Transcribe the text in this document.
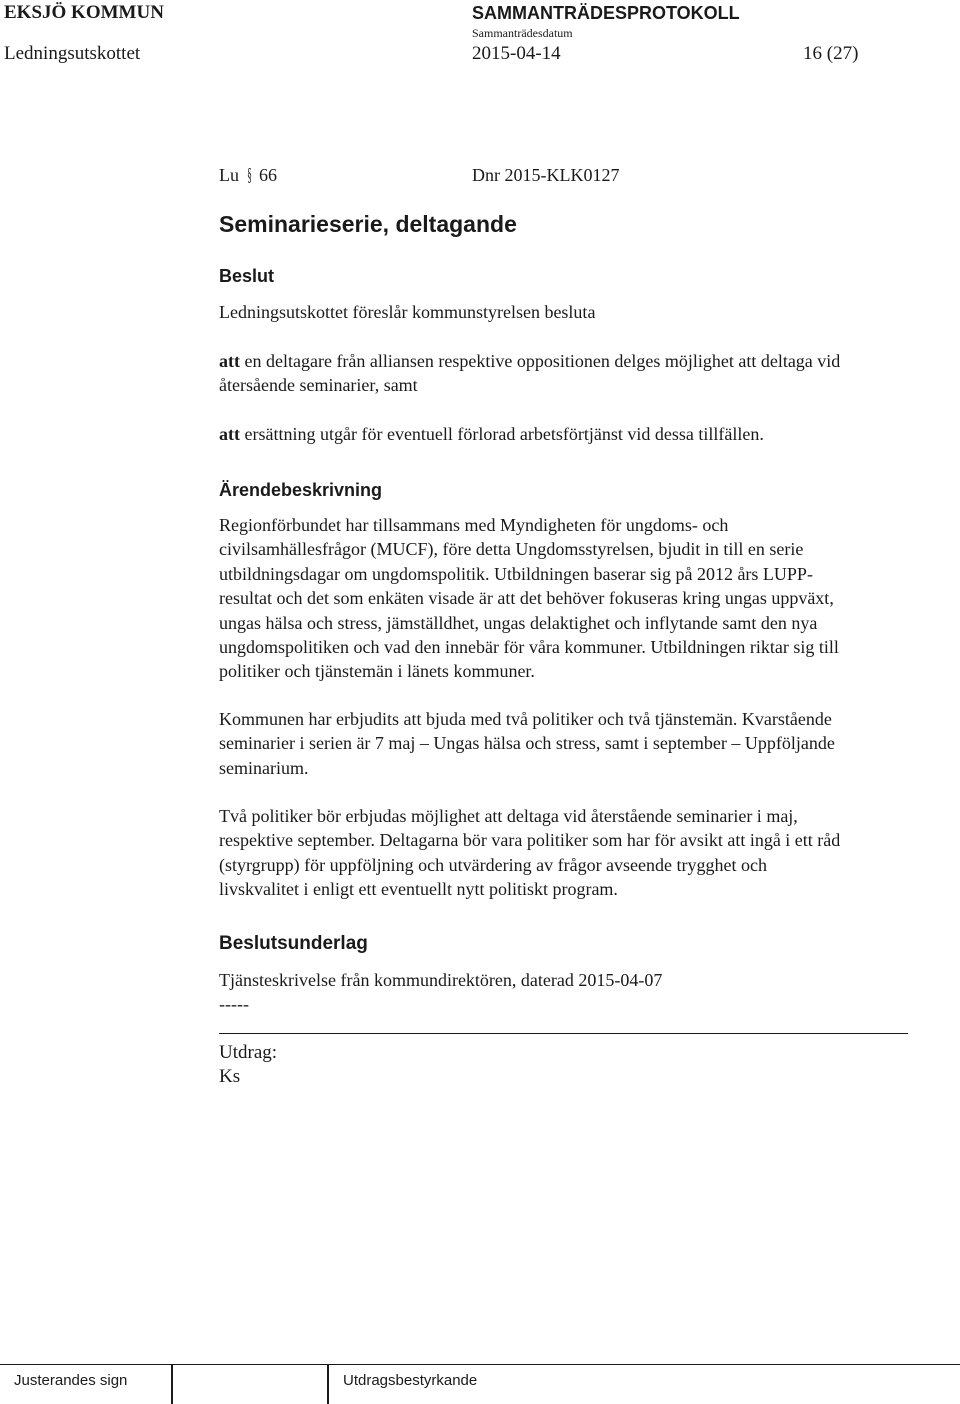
EKSJÖ KOMMUN	SAMMANTRÄDESPROTOKOLL
Sammanträdesdatum
Ledningsutskottet	2015-04-14	16 (27)
Lu § 66	Dnr 2015-KLK0127
Seminarieserie, deltagande
Beslut
Ledningsutskottet föreslår kommunstyrelsen besluta

att en deltagare från alliansen respektive oppositionen delges möjlighet att deltaga vid

återsående seminarier, samt

att ersättning utgår för eventuell förlorad arbetsförtjänst vid dessa tillfällen.

Ärendebeskrivning

Regionförbundet har tillsammans med Myndigheten för ungdoms- och

civilsamhällesfrågor (MUCF), före detta Ungdomsstyrelsen, bjudit in till en serie

utbildningsdagar om ungdomspolitik. Utbildningen baserar sig på 2012 års LUPP-

resultat och det som enkäten visade är att det behöver fokuseras kring ungas uppväxt,

ungas hälsa och stress, jämställdhet, ungas delaktighet och inflytande samt den nya

ungdomspolitiken och vad den innebär för våra kommuner. Utbildningen riktar sig till

politiker och tjänstemän i länets kommuner.

Kommunen har erbjudits att bjuda med två politiker och två tjänstemän. Kvarstående

seminarier i serien är 7 maj – Ungas hälsa och stress, samt i september – Uppföljande

seminarium.

Två politiker bör erbjudas möjlighet att deltaga vid återstående seminarier i maj,

respektive september. Deltagarna bör vara politiker som har för avsikt att ingå i ett råd

(styrgrupp) för uppföljning och utvärdering av frågor avseende trygghet och

livskvalitet i enligt ett eventuellt nytt politiskt program.

Beslutsunderlag
Tjänsteskrivelse från kommundirektören, daterad 2015-04-07
-----
Utdrag:
Ks
Justerandes sign	Utdragsbestyrkande
